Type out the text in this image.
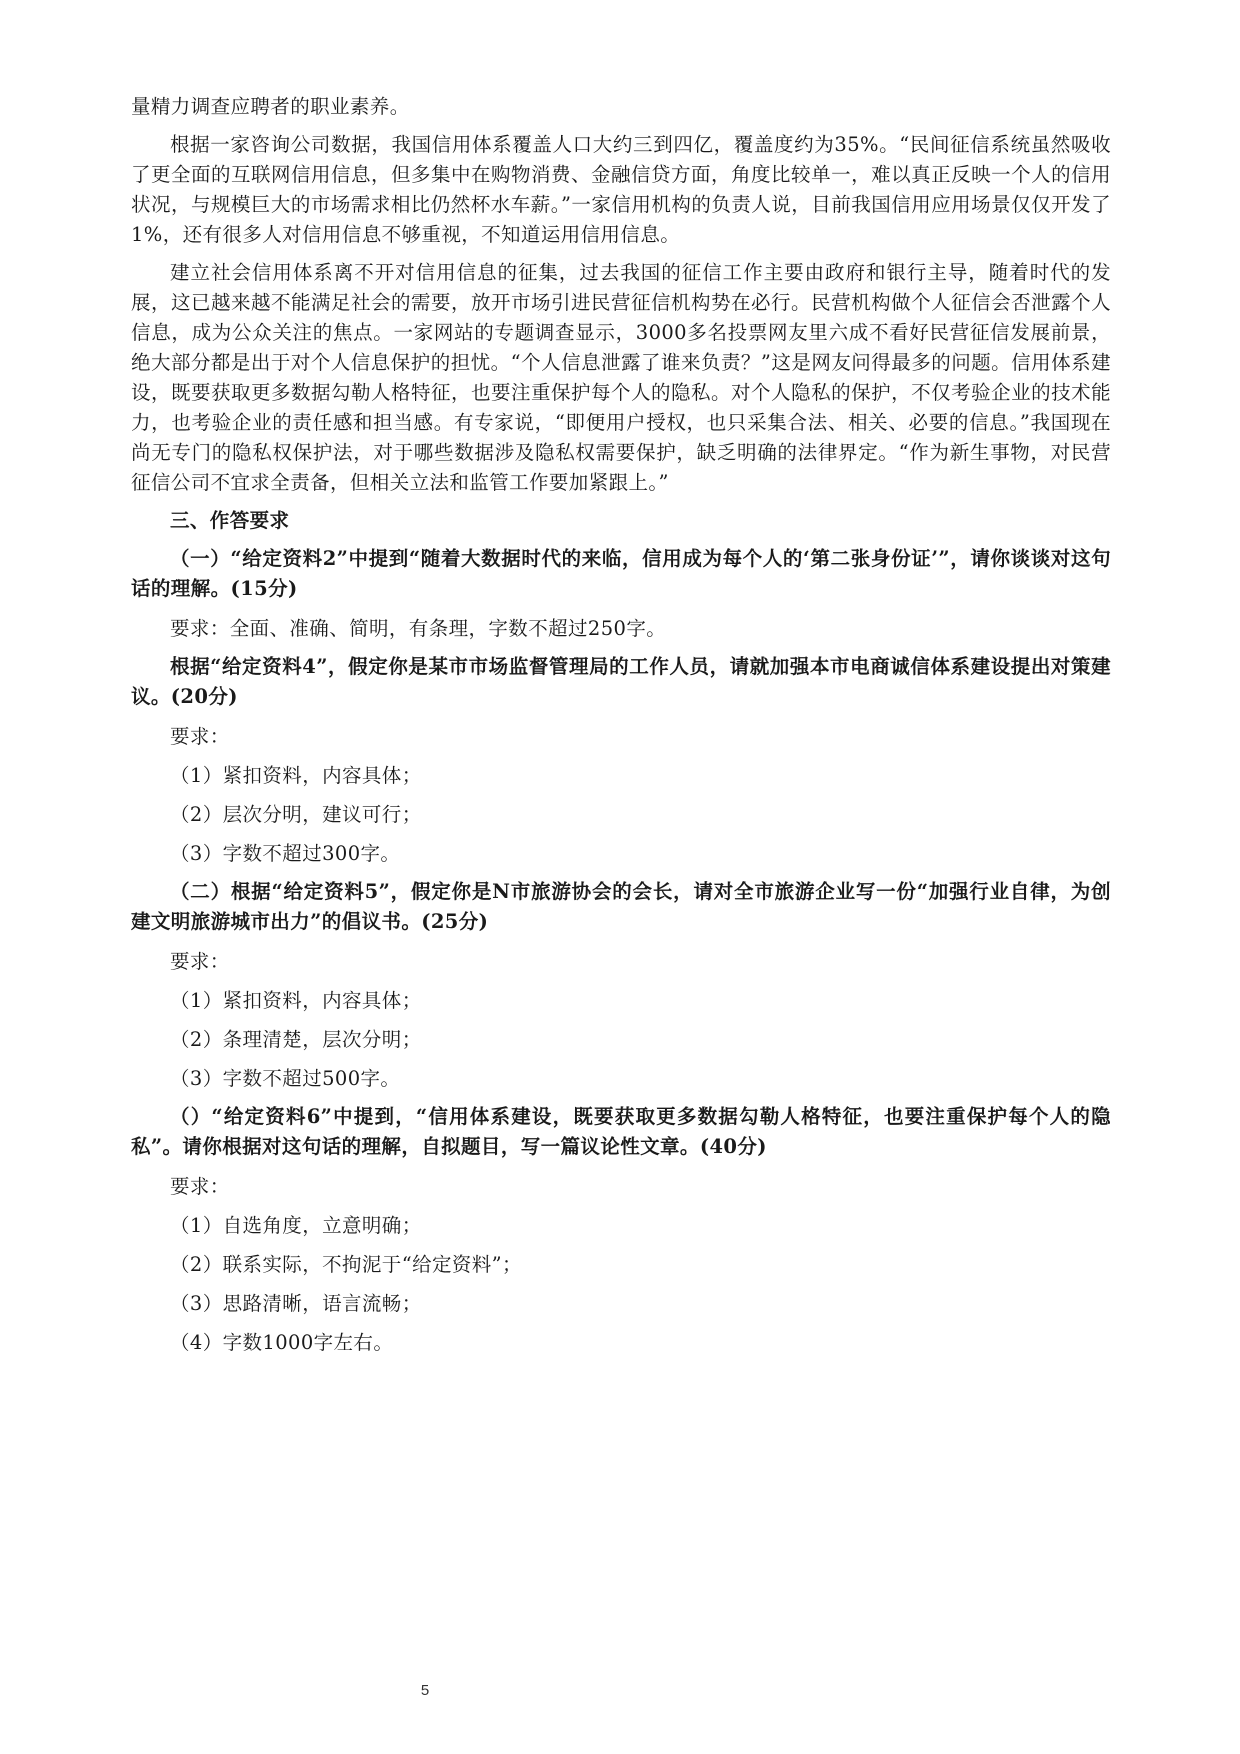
量精力调查应聘者的职业素养。

根据一家咨询公司数据，我国信用体系覆盖人口大约三到四亿，覆盖度约为35%。“民间征信系统虽然吸收了更全面的互联网信用信息，但多集中在购物消费、金融信贷方面，角度比较单一，难以真正反映一个人的信用状况，与规模巨大的市场需求相比仍然杯水车薪。”一家信用机构的负责人说，目前我国信用应用场景仅仅开发了1%，还有很多人对信用信息不够重视，不知道运用信用信息。

建立社会信用体系离不开对信用信息的征集，过去我国的征信工作主要由政府和银行主导，随着时代的发展，这已越来越不能满足社会的需要，放开市场引进民营征信机构势在必行。民营机构做个人征信会否泄露个人信息，成为公众关注的焦点。一家网站的专题调查显示，3000多名投票网友里六成不看好民营征信发展前景，绝大部分都是出于对个人信息保护的担忧。“个人信息泄露了谁来负责？”这是网友问得最多的问题。信用体系建设，既要获取更多数据勾勒人格特征，也要注重保护每个人的隐私。对个人隐私的保护，不仅考验企业的技术能力，也考验企业的责任感和担当感。有专家说，“即便用户授权，也只采集合法、相关、必要的信息。”我国现在尚无专门的隐私权保护法，对于哪些数据涉及隐私权需要保护，缺乏明确的法律界定。“作为新生事物，对民营征信公司不宜求全责备，但相关立法和监管工作要加紧跟上。”

三、作答要求

（一）“给定资料2”中提到“随着大数据时代的来临，信用成为每个人的‘第二张身份证’”，请你谈谈对这句话的理解。(15分)

要求：全面、准确、简明，有条理，字数不超过250字。

根据“给定资料4”，假定你是某市市场监督管理局的工作人员，请就加强本市电商诚信体系建设提出对策建议。(20分)

要求：

（1）紧扣资料，内容具体；

（2）层次分明，建议可行；

（3）字数不超过300字。

（二）根据“给定资料5”，假定你是N市旅游协会的会长，请对全市旅游企业写一份“加强行业自律，为创建文明旅游城市出力”的倡议书。(25分)

要求：

（1）紧扣资料，内容具体；

（2）条理清楚，层次分明；

（3）字数不超过500字。

（）“给定资料6”中提到，“信用体系建设，既要获取更多数据勾勒人格特征，也要注重保护每个人的隐私”。请你根据对这句话的理解，自拟题目，写一篇议论性文章。(40分)

要求：

（1）自选角度，立意明确；

（2）联系实际，不拘泥于“给定资料”；

（3）思路清晰，语言流畅；

（4）字数1000字左右。

5
